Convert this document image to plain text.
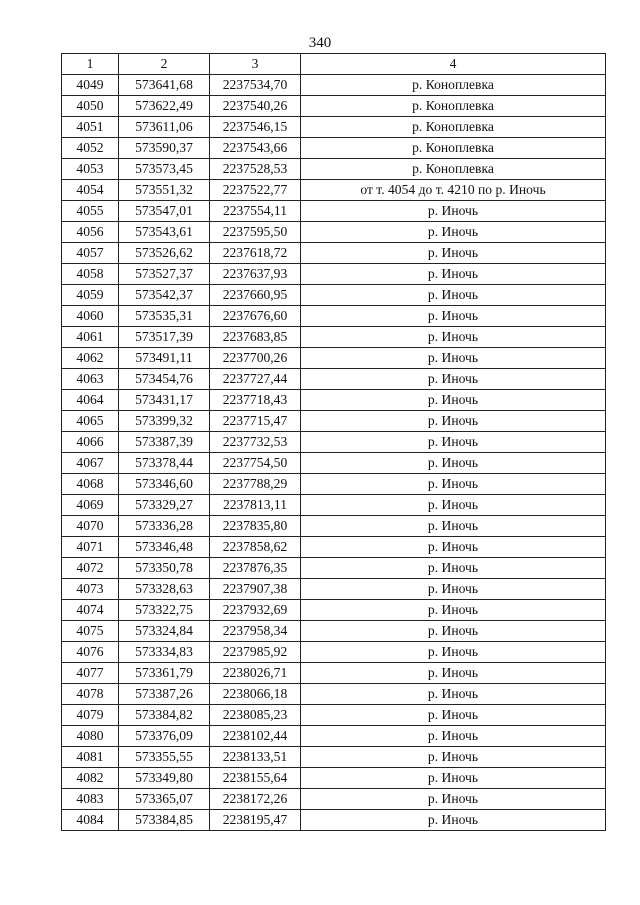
340
1	2	3	4
4049	573641,68	2237534,70	р. Коноплевка
4050	573622,49	2237540,26	р. Коноплевка
4051	573611,06	2237546,15	р. Коноплевка
4052	573590,37	2237543,66	р. Коноплевка
4053	573573,45	2237528,53	р. Коноплевка
4054	573551,32	2237522,77	от т. 4054 до т. 4210 по р. Иночь
4055	573547,01	2237554,11	р. Иночь
4056	573543,61	2237595,50	р. Иночь
4057	573526,62	2237618,72	р. Иночь
4058	573527,37	2237637,93	р. Иночь
4059	573542,37	2237660,95	р. Иночь
4060	573535,31	2237676,60	р. Иночь
4061	573517,39	2237683,85	р. Иночь
4062	573491,11	2237700,26	р. Иночь
4063	573454,76	2237727,44	р. Иночь
4064	573431,17	2237718,43	р. Иночь
4065	573399,32	2237715,47	р. Иночь
4066	573387,39	2237732,53	р. Иночь
4067	573378,44	2237754,50	р. Иночь
4068	573346,60	2237788,29	р. Иночь
4069	573329,27	2237813,11	р. Иночь
4070	573336,28	2237835,80	р. Иночь
4071	573346,48	2237858,62	р. Иночь
4072	573350,78	2237876,35	р. Иночь
4073	573328,63	2237907,38	р. Иночь
4074	573322,75	2237932,69	р. Иночь
4075	573324,84	2237958,34	р. Иночь
4076	573334,83	2237985,92	р. Иночь
4077	573361,79	2238026,71	р. Иночь
4078	573387,26	2238066,18	р. Иночь
4079	573384,82	2238085,23	р. Иночь
4080	573376,09	2238102,44	р. Иночь
4081	573355,55	2238133,51	р. Иночь
4082	573349,80	2238155,64	р. Иночь
4083	573365,07	2238172,26	р. Иночь
4084	573384,85	2238195,47	р. Иночь
